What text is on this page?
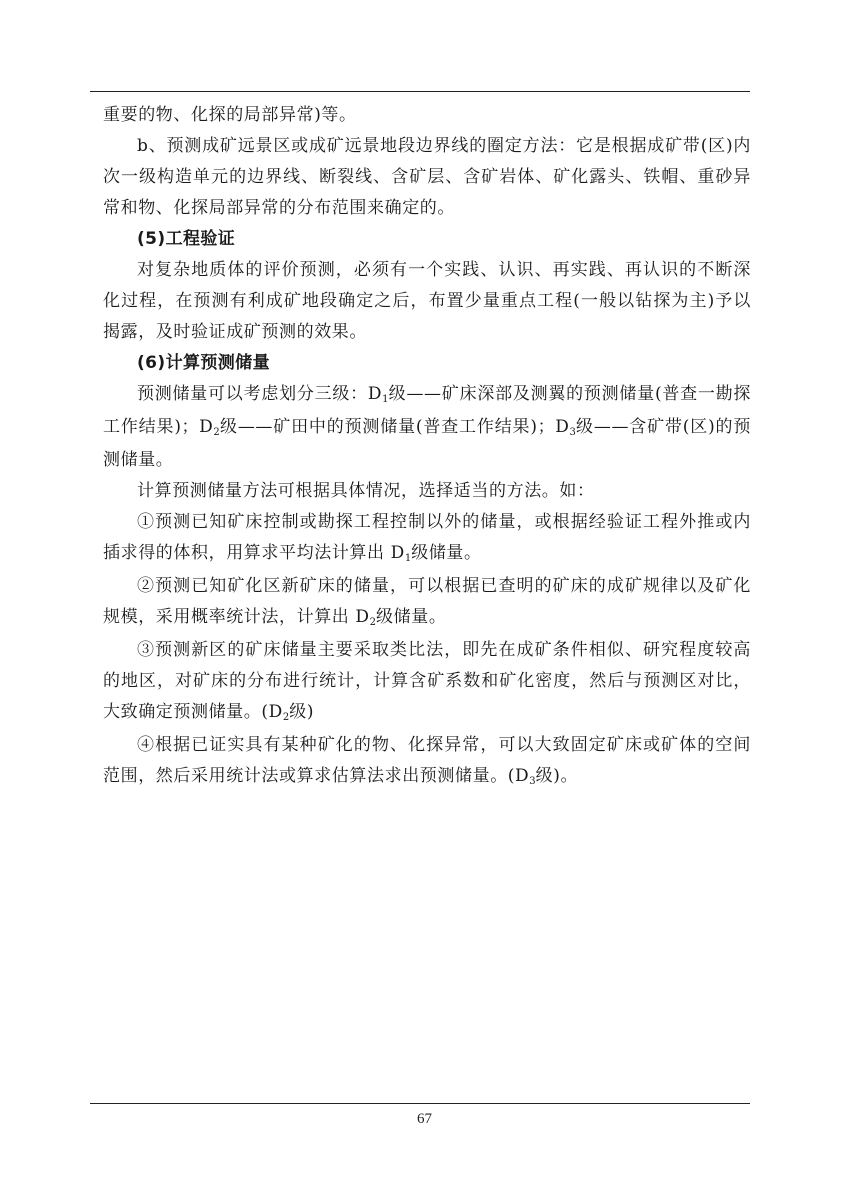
重要的物、化探的局部异常)等。

b、预测成矿远景区或成矿远景地段边界线的圈定方法：它是根据成矿带(区)内次一级构造单元的边界线、断裂线、含矿层、含矿岩体、矿化露头、铁帽、重砂异常和物、化探局部异常的分布范围来确定的。

(5)工程验证

对复杂地质体的评价预测，必须有一个实践、认识、再实践、再认识的不断深化过程，在预测有利成矿地段确定之后，布置少量重点工程(一般以钻探为主)予以揭露，及时验证成矿预测的效果。

(6)计算预测储量

预测储量可以考虑划分三级：D1级——矿床深部及测翼的预测储量(普查一勘探工作结果)；D2级——矿田中的预测储量(普查工作结果)；D3级——含矿带(区)的预测储量。

计算预测储量方法可根据具体情况，选择适当的方法。如：

①预测已知矿床控制或勘探工程控制以外的储量，或根据经验证工程外推或内插求得的体积，用算求平均法计算出 D1级储量。

②预测已知矿化区新矿床的储量，可以根据已查明的矿床的成矿规律以及矿化规模，采用概率统计法，计算出 D2级储量。

③预测新区的矿床储量主要采取类比法，即先在成矿条件相似、研究程度较高的地区，对矿床的分布进行统计，计算含矿系数和矿化密度，然后与预测区对比，大致确定预测储量。(D2级)

④根据已证实具有某种矿化的物、化探异常，可以大致固定矿床或矿体的空间范围，然后采用统计法或算求估算法求出预测储量。(D3级)。

67
